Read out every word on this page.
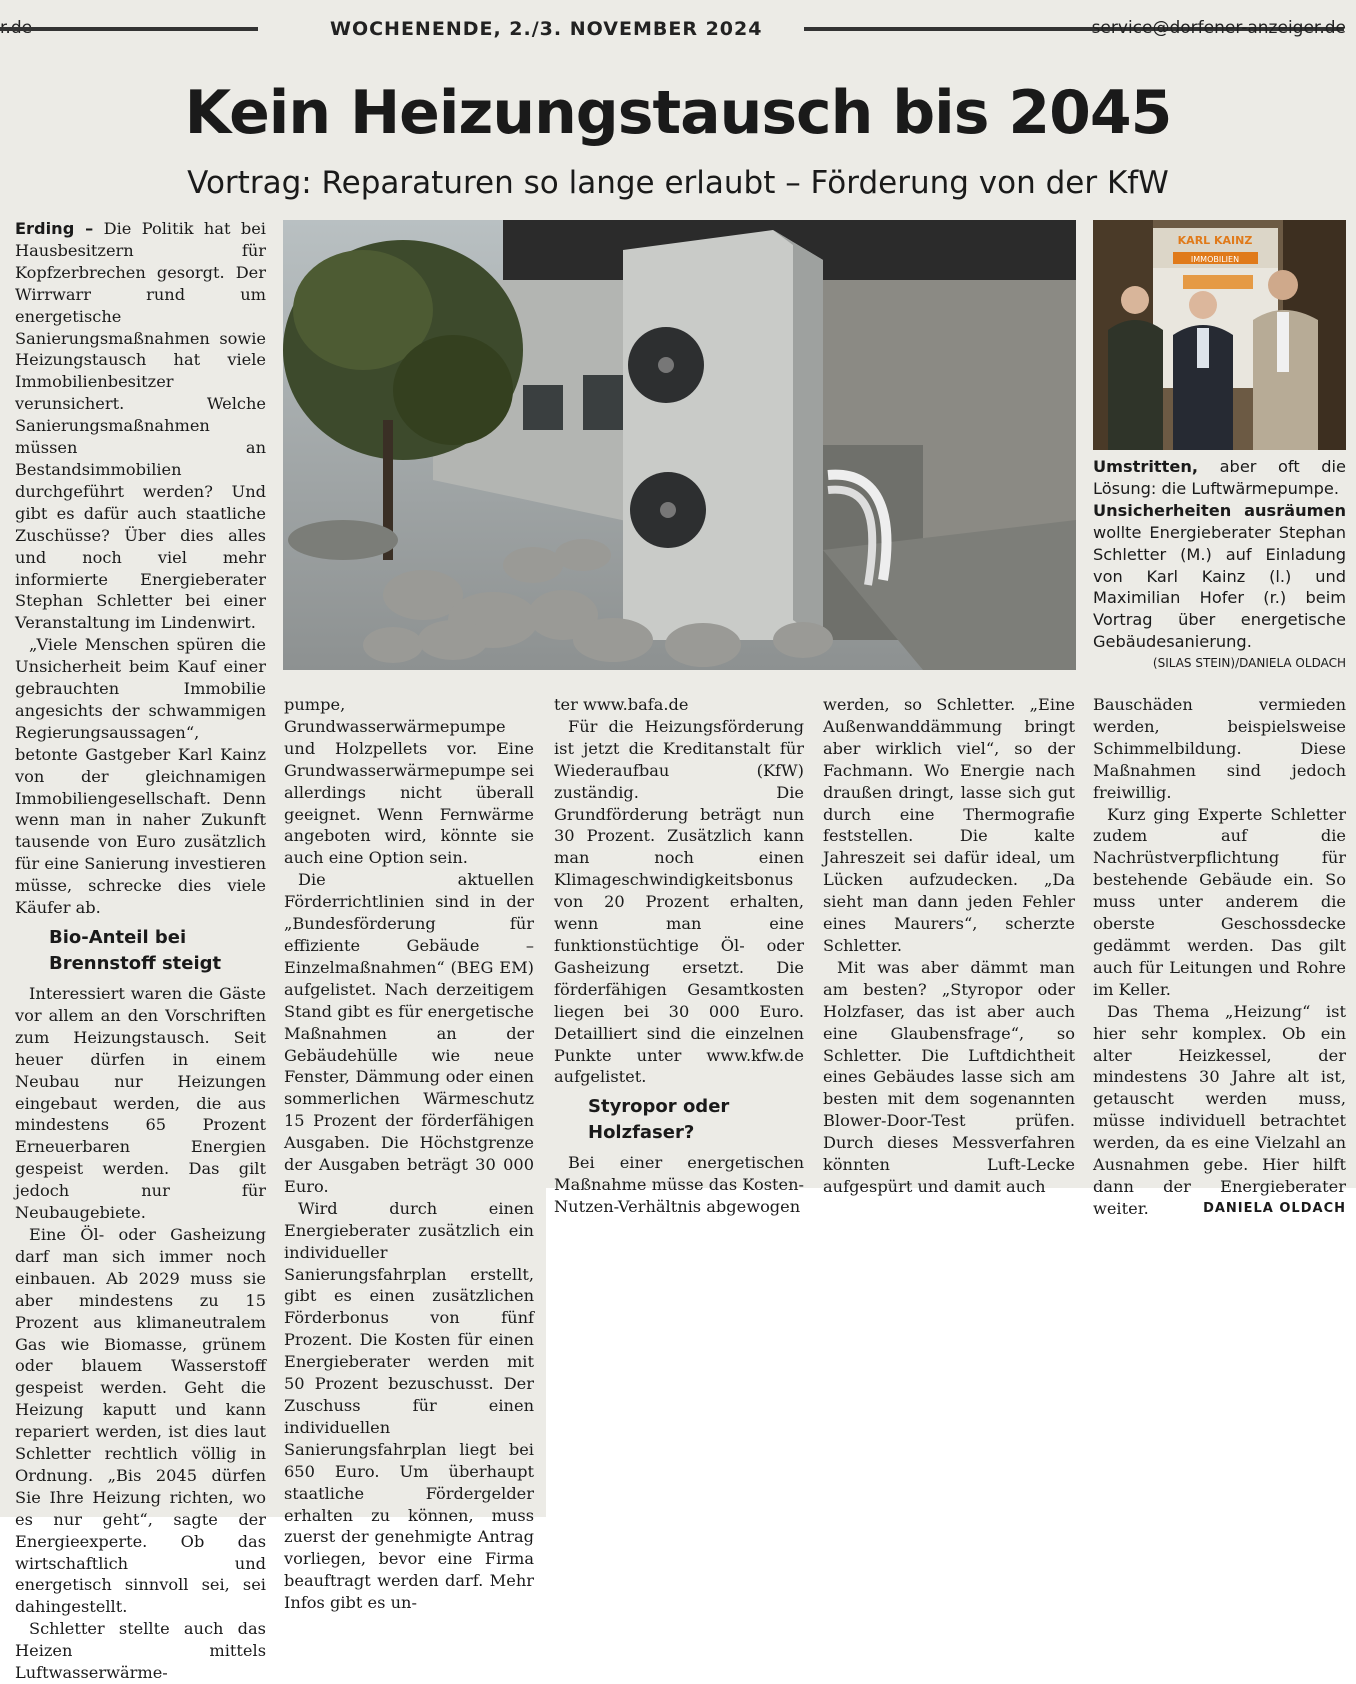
WOCHENENDE, 2./3. NOVEMBER 2024	service@dorfener-anzeiger.de
Kein Heizungstausch bis 2045
Vortrag: Reparaturen so lange erlaubt – Förderung von der KfW
KARL KAINZ
IMMOBILIEN
Umstritten, aber oft die Lösung: die Luftwärmepumpe.
Unsicherheiten ausräumen wollte Energieberater Stephan Schletter (M.) auf Einladung von Karl Kainz (l.) und Maximilian Hofer (r.) beim Vortrag über energetische Gebäudesanierung.
(SILAS STEIN)/DANIELA OLDACH

Erding – Die Politik hat bei Hausbesitzern für Kopfzerbrechen gesorgt. Der Wirrwarr rund um energetische Sanierungsmaßnahmen sowie Heizungstausch hat viele Immobilienbesitzer verunsichert. Welche Sanierungsmaßnahmen müssen an Bestandsimmobilien durchgeführt werden? Und gibt es dafür auch staatliche Zuschüsse? Über dies alles und noch viel mehr informierte Energieberater Stephan Schletter bei einer Veranstaltung im Lindenwirt.

„Viele Menschen spüren die Unsicherheit beim Kauf einer gebrauchten Immobilie angesichts der schwammigen Regierungsaussagen“, betonte Gastgeber Karl Kainz von der gleichnamigen Immobiliengesellschaft. Denn wenn man in naher Zukunft tausende von Euro zusätzlich für eine Sanierung investieren müsse, schrecke dies viele Käufer ab.

Bio-Anteil bei Brennstoff steigt

Interessiert waren die Gäste vor allem an den Vorschriften zum Heizungstausch. Seit heuer dürfen in einem Neubau nur Heizungen eingebaut werden, die aus mindestens 65 Prozent Erneuerbaren Energien gespeist werden. Das gilt jedoch nur für Neubaugebiete.

Eine Öl- oder Gasheizung darf man sich immer noch einbauen. Ab 2029 muss sie aber mindestens zu 15 Prozent aus klimaneutralem Gas wie Biomasse, grünem oder blauem Wasserstoff gespeist werden. Geht die Heizung kaputt und kann repariert werden, ist dies laut Schletter rechtlich völlig in Ordnung. „Bis 2045 dürfen Sie Ihre Heizung richten, wo es nur geht“, sagte der Energieexperte. Ob das wirtschaftlich und energetisch sinnvoll sei, sei dahingestellt.

Schletter stellte auch das Heizen mittels Luftwasserwärme-

pumpe, Grundwasserwärmepumpe und Holzpellets vor. Eine Grundwasserwärmepumpe sei allerdings nicht überall geeignet. Wenn Fernwärme angeboten wird, könnte sie auch eine Option sein.

Die aktuellen Förderrichtlinien sind in der „Bundesförderung für effiziente Gebäude – Einzelmaßnahmen“ (BEG EM) aufgelistet. Nach derzeitigem Stand gibt es für energetische Maßnahmen an der Gebäudehülle wie neue Fenster, Dämmung oder einen sommerlichen Wärmeschutz 15 Prozent der förderfähigen Ausgaben. Die Höchstgrenze der Ausgaben beträgt 30 000 Euro.

Wird durch einen Energieberater zusätzlich ein individueller Sanierungsfahrplan erstellt, gibt es einen zusätzlichen Förderbonus von fünf Prozent. Die Kosten für einen Energieberater werden mit 50 Prozent bezuschusst. Der Zuschuss für einen individuellen Sanierungsfahrplan liegt bei 650 Euro. Um überhaupt staatliche Fördergelder erhalten zu können, muss zuerst der genehmigte Antrag vorliegen, bevor eine Firma beauftragt werden darf. Mehr Infos gibt es un-

ter www.bafa.de

Für die Heizungsförderung ist jetzt die Kreditanstalt für Wiederaufbau (KfW) zuständig. Die Grundförderung beträgt nun 30 Prozent. Zusätzlich kann man noch einen Klimageschwindigkeitsbonus von 20 Prozent erhalten, wenn man eine funktionstüchtige Öl- oder Gasheizung ersetzt. Die förderfähigen Gesamtkosten liegen bei 30 000 Euro. Detailliert sind die einzelnen Punkte unter www.kfw.de aufgelistet.

Styropor oder Holzfaser?

Bei einer energetischen Maßnahme müsse das Kosten-Nutzen-Verhältnis abgewogen

werden, so Schletter. „Eine Außenwanddämmung bringt aber wirklich viel“, so der Fachmann. Wo Energie nach draußen dringt, lasse sich gut durch eine Thermografie feststellen. Die kalte Jahreszeit sei dafür ideal, um Lücken aufzudecken. „Da sieht man dann jeden Fehler eines Maurers“, scherzte Schletter.

Mit was aber dämmt man am besten? „Styropor oder Holzfaser, das ist aber auch eine Glaubensfrage“, so Schletter. Die Luftdichtheit eines Gebäudes lasse sich am besten mit dem sogenannten Blower-Door-Test prüfen. Durch dieses Messverfahren könnten Luft-Lecke aufgespürt und damit auch

Bauschäden vermieden werden, beispielsweise Schimmelbildung. Diese Maßnahmen sind jedoch freiwillig.

Kurz ging Experte Schletter zudem auf die Nachrüstverpflichtung für bestehende Gebäude ein. So muss unter anderem die oberste Geschossdecke gedämmt werden. Das gilt auch für Leitungen und Rohre im Keller.

Das Thema „Heizung“ ist hier sehr komplex. Ob ein alter Heizkessel, der mindestens 30 Jahre alt ist, getauscht werden muss, müsse individuell betrachtet werden, da es eine Vielzahl an Ausnahmen gebe. Hier hilft dann der Energieberater weiter.	DANIELA OLDACH
